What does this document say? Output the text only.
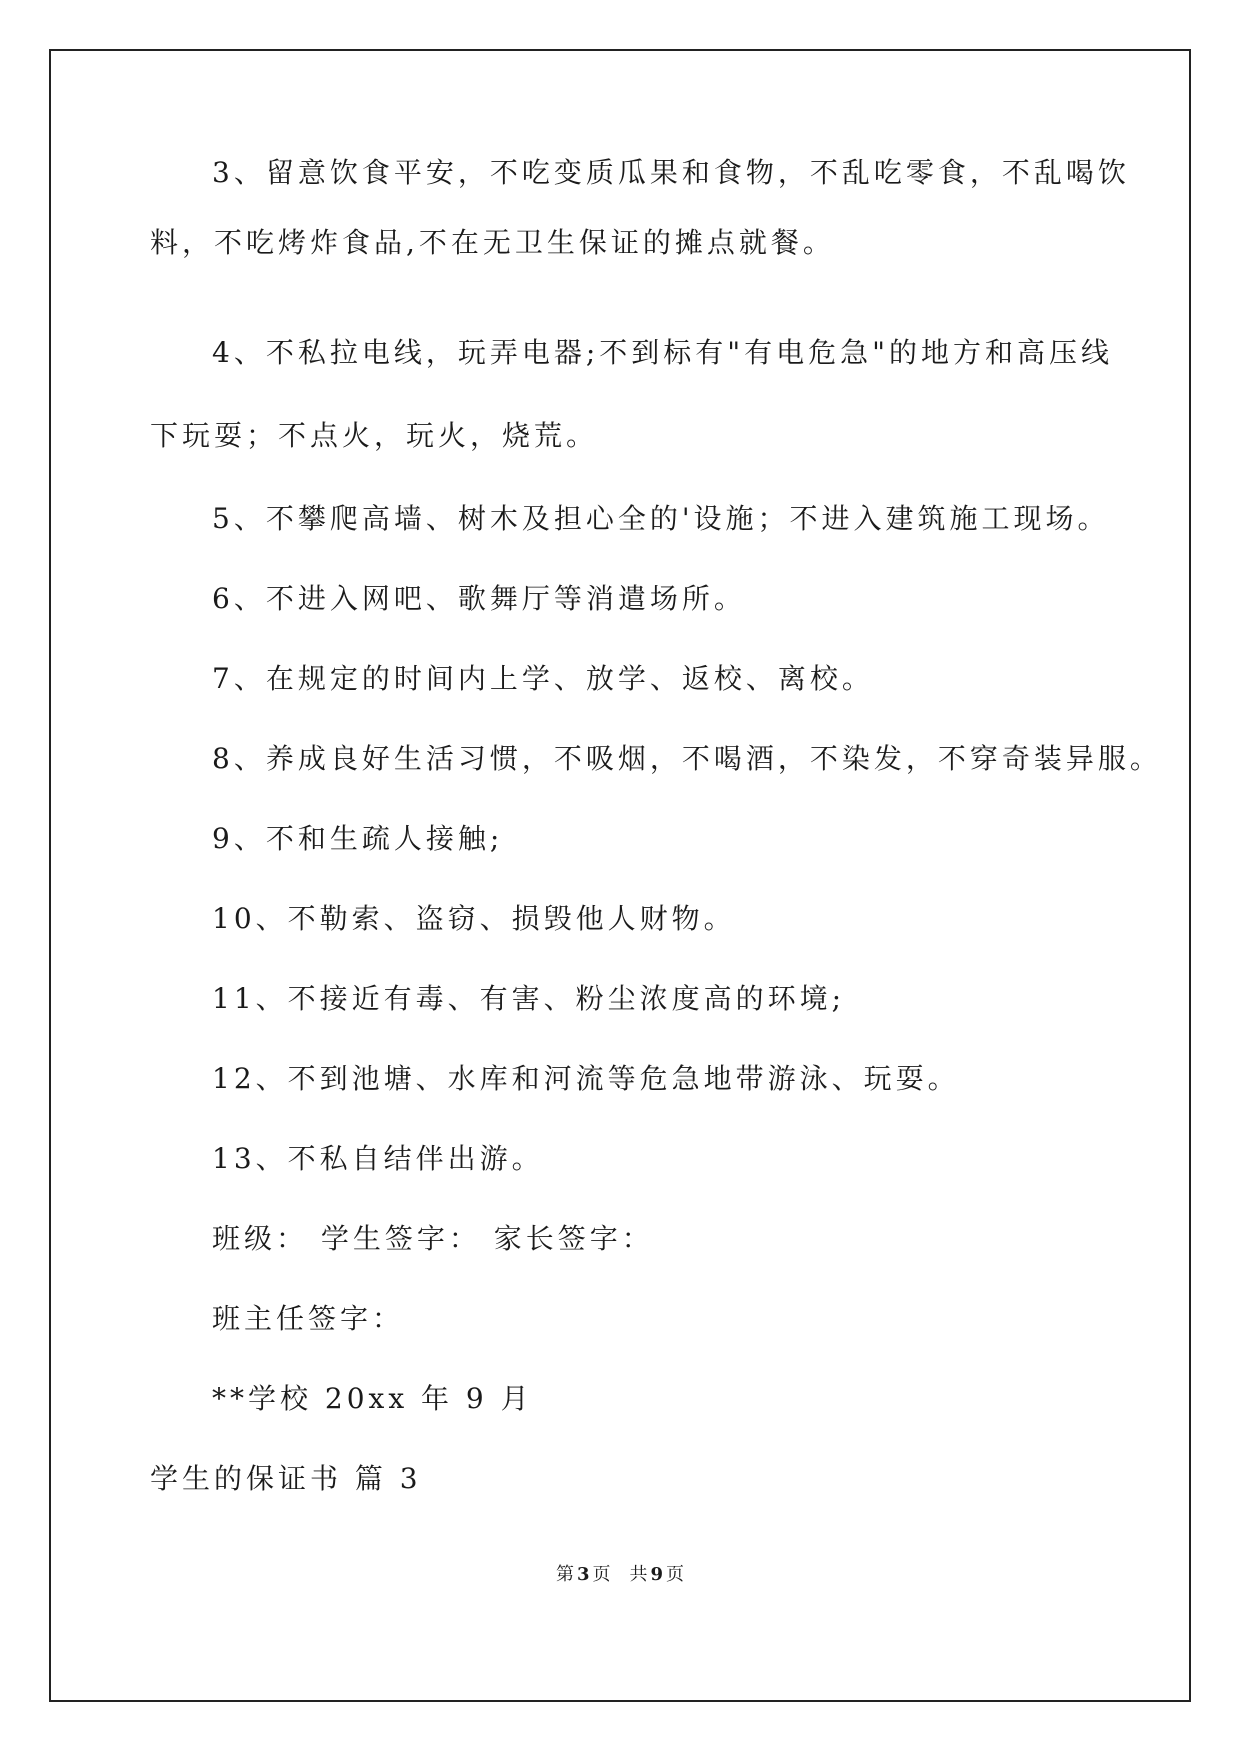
3、留意饮食平安，不吃变质瓜果和食物，不乱吃零食，不乱喝饮
料，不吃烤炸食品,不在无卫生保证的摊点就餐。
4、不私拉电线，玩弄电器;不到标有"有电危急"的地方和高压线
下玩耍；不点火，玩火，烧荒。
5、不攀爬高墙、树木及担心全的'设施；不进入建筑施工现场。
6、不进入网吧、歌舞厅等消遣场所。
7、在规定的时间内上学、放学、返校、离校。
8、养成良好生活习惯，不吸烟，不喝酒，不染发，不穿奇装异服。
9、不和生疏人接触;
10、不勒索、盗窃、损毁他人财物。
11、不接近有毒、有害、粉尘浓度高的环境;
12、不到池塘、水库和河流等危急地带游泳、玩耍。
13、不私自结伴出游。
班级： 学生签字： 家长签字：
班主任签字：
**学校 20xx 年 9 月
学生的保证书 篇 3
第 3 页 共 9 页
